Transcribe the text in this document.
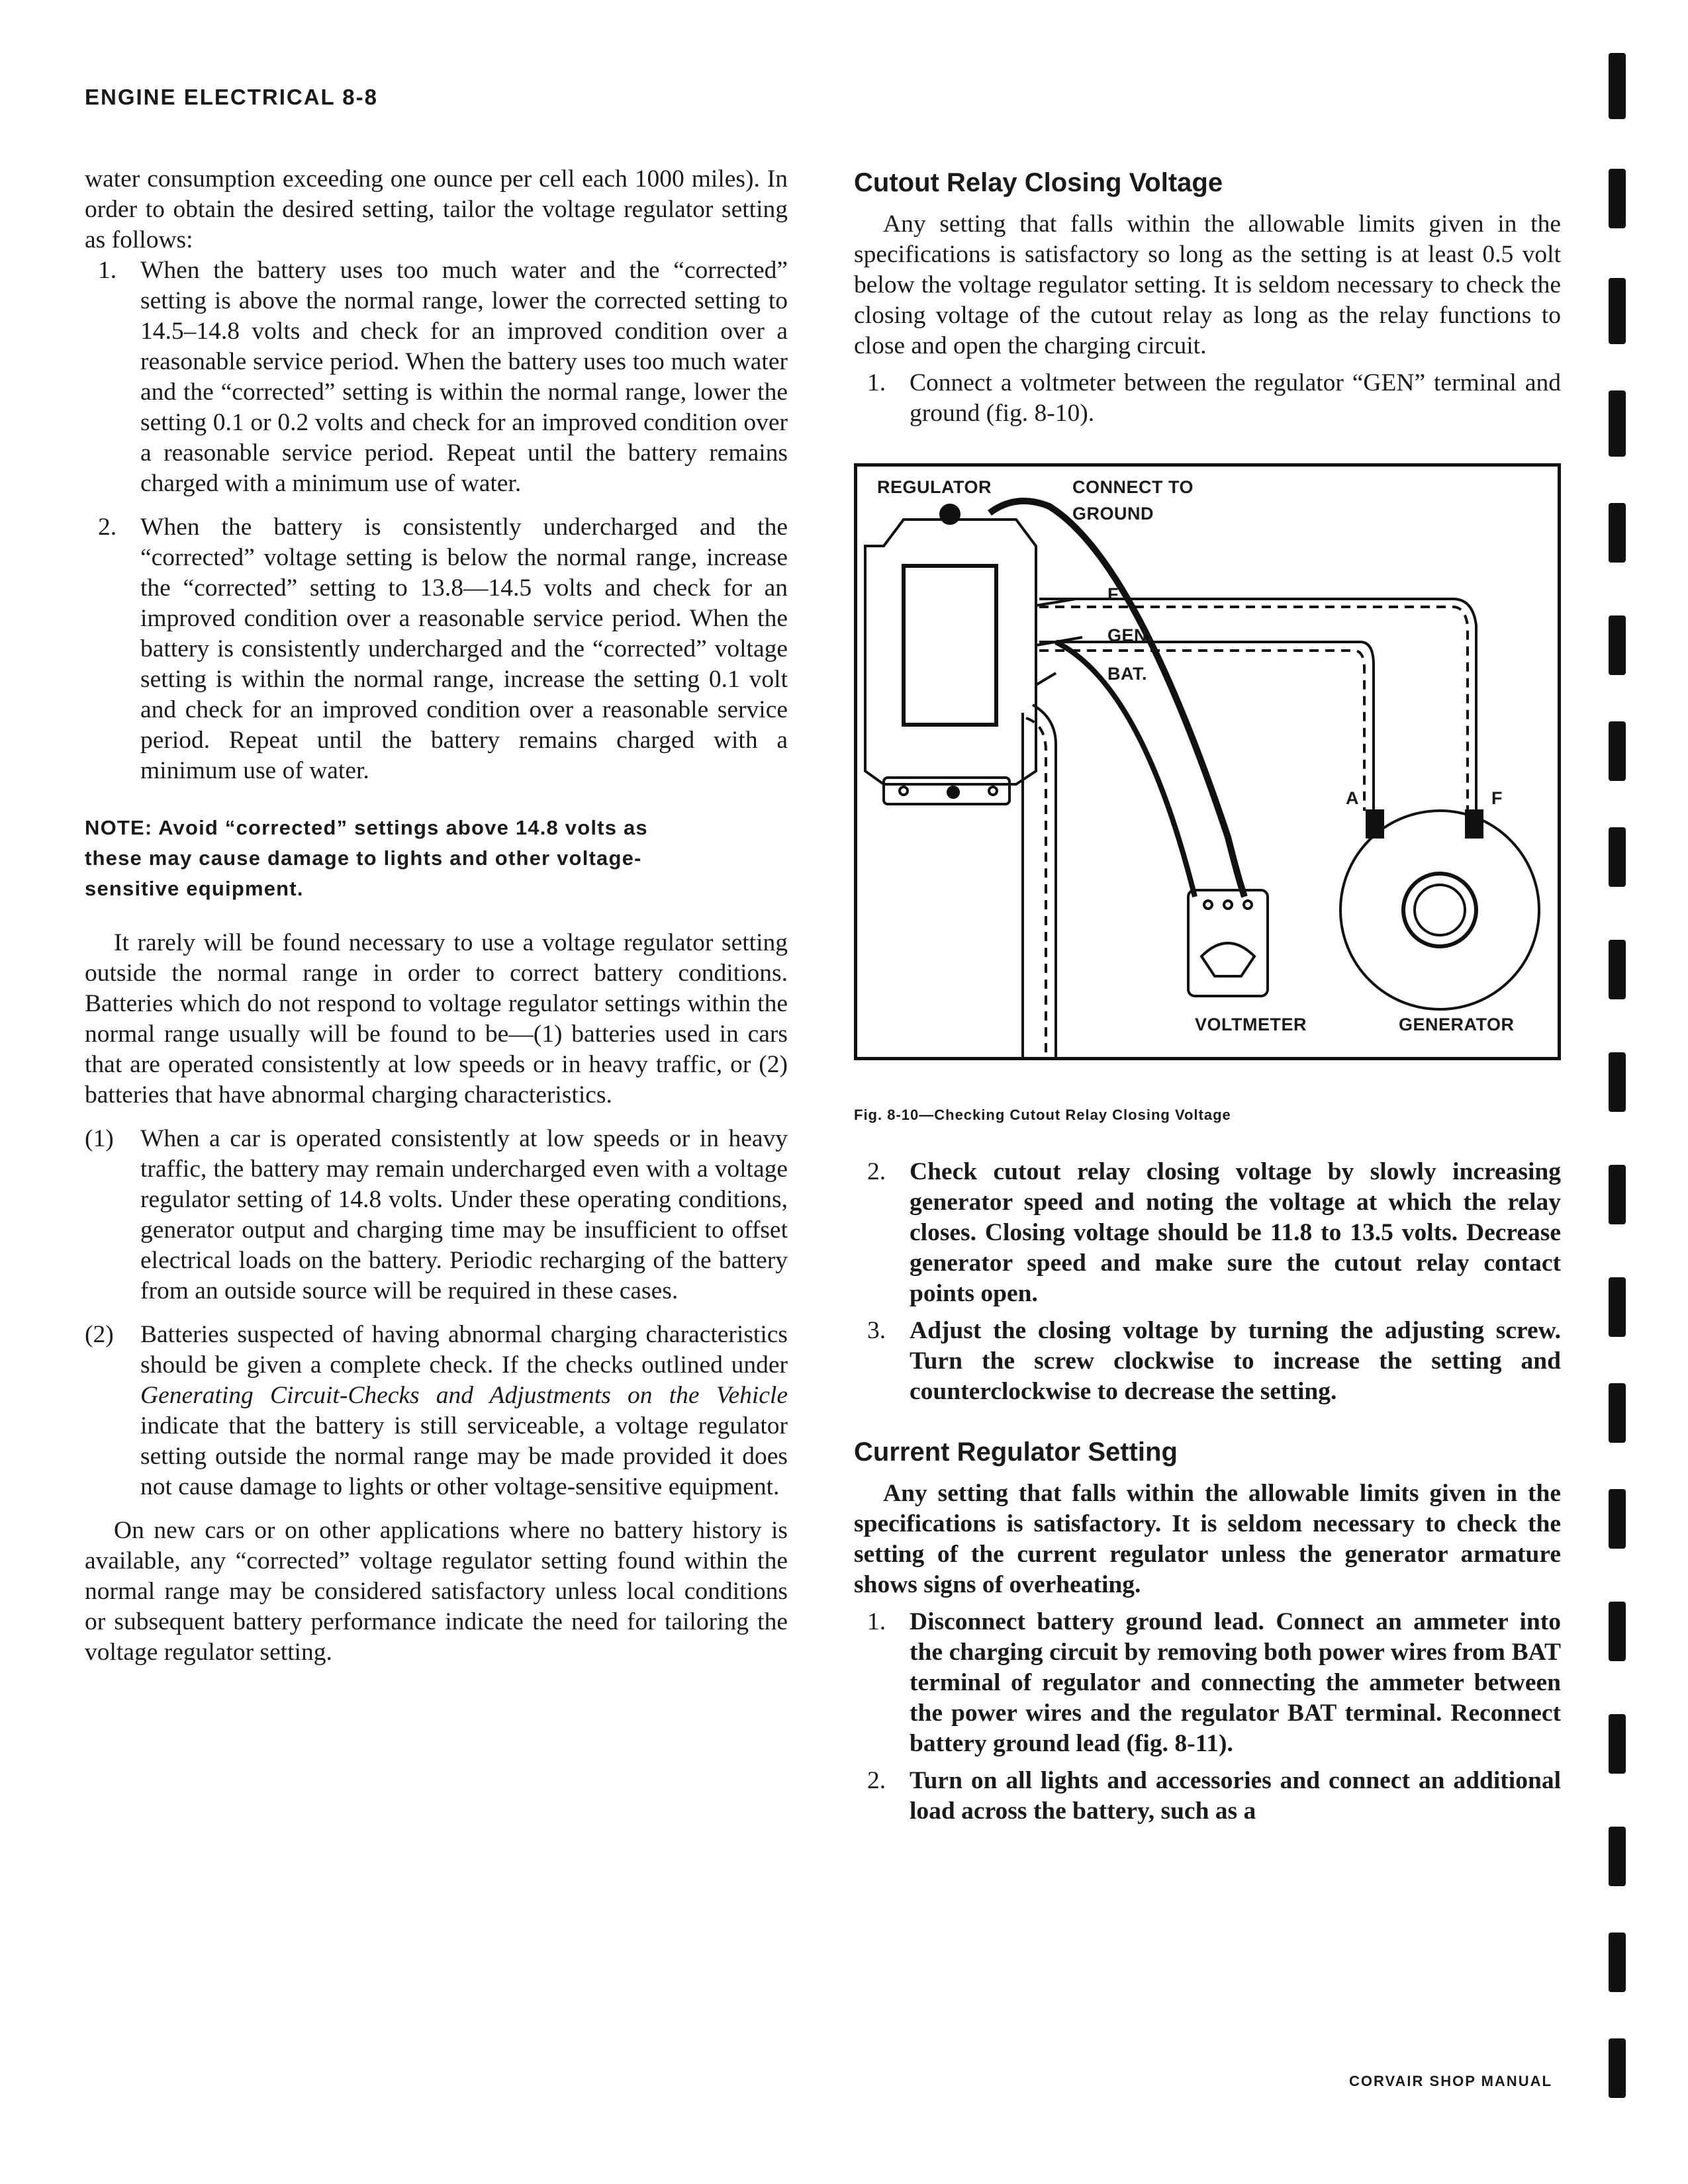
ENGINE ELECTRICAL 8-8

water consumption exceeding one ounce per cell each 1000 miles). In order to obtain the desired setting, tailor the voltage regulator setting as follows:

1. When the battery uses too much water and the “corrected” setting is above the normal range, lower the corrected setting to 14.5–14.8 volts and check for an improved condition over a reasonable service period. When the battery uses too much water and the “corrected” setting is within the normal range, lower the setting 0.1 or 0.2 volts and check for an improved condition over a reasonable service period. Repeat until the battery remains charged with a minimum use of water.
2. When the battery is consistently undercharged and the “corrected” voltage setting is below the normal range, increase the “corrected” setting to 13.8—14.5 volts and check for an improved condition over a reasonable service period. When the battery is consistently undercharged and the “corrected” voltage setting is within the normal range, increase the setting 0.1 volt and check for an improved condition over a reasonable service period. Repeat until the battery remains charged with a minimum use of water.

NOTE: Avoid “corrected” settings above 14.8 volts as these may cause damage to lights and other voltage-sensitive equipment.

It rarely will be found necessary to use a voltage regulator setting outside the normal range in order to correct battery conditions. Batteries which do not respond to voltage regulator settings within the normal range usually will be found to be—(1) batteries used in cars that are operated consistently at low speeds or in heavy traffic, or (2) batteries that have abnormal charging characteristics.

(1) When a car is operated consistently at low speeds or in heavy traffic, the battery may remain undercharged even with a voltage regulator setting of 14.8 volts. Under these operating conditions, generator output and charging time may be insufficient to offset electrical loads on the battery. Periodic recharging of the battery from an outside source will be required in these cases.
(2) Batteries suspected of having abnormal charging characteristics should be given a complete check. If the checks outlined under Generating Circuit-Checks and Adjustments on the Vehicle indicate that the battery is still serviceable, a voltage regulator setting outside the normal range may be made provided it does not cause damage to lights or other voltage-sensitive equipment.

On new cars or on other applications where no battery history is available, any “corrected” voltage regulator setting found within the normal range may be considered satisfactory unless local conditions or subsequent battery performance indicate the need for tailoring the voltage regulator setting.

Cutout Relay Closing Voltage

Any setting that falls within the allowable limits given in the specifications is satisfactory so long as the setting is at least 0.5 volt below the voltage regulator setting. It is seldom necessary to check the closing voltage of the cutout relay as long as the relay functions to close and open the charging circuit.

1. Connect a voltmeter between the regulator “GEN” terminal and ground (fig. 8-10).
REGULATOR	CONNECT TO
GROUND
F.
GEN.
BAT.
A	F
VOLTMETER	GENERATOR

Fig. 8-10—Checking Cutout Relay Closing Voltage

2. Check cutout relay closing voltage by slowly increasing generator speed and noting the voltage at which the relay closes. Closing voltage should be 11.8 to 13.5 volts. Decrease generator speed and make sure the cutout relay contact points open.
3. Adjust the closing voltage by turning the adjusting screw. Turn the screw clockwise to increase the setting and counterclockwise to decrease the setting.
Current Regulator Setting

Any setting that falls within the allowable limits given in the specifications is satisfactory. It is seldom necessary to check the setting of the current regulator unless the generator armature shows signs of overheating.

1. Disconnect battery ground lead. Connect an ammeter into the charging circuit by removing both power wires from BAT terminal of regulator and connecting the ammeter between the power wires and the regulator BAT terminal. Reconnect battery ground lead (fig. 8-11).
2. Turn on all lights and accessories and connect an additional load across the battery, such as a
CORVAIR SHOP MANUAL
